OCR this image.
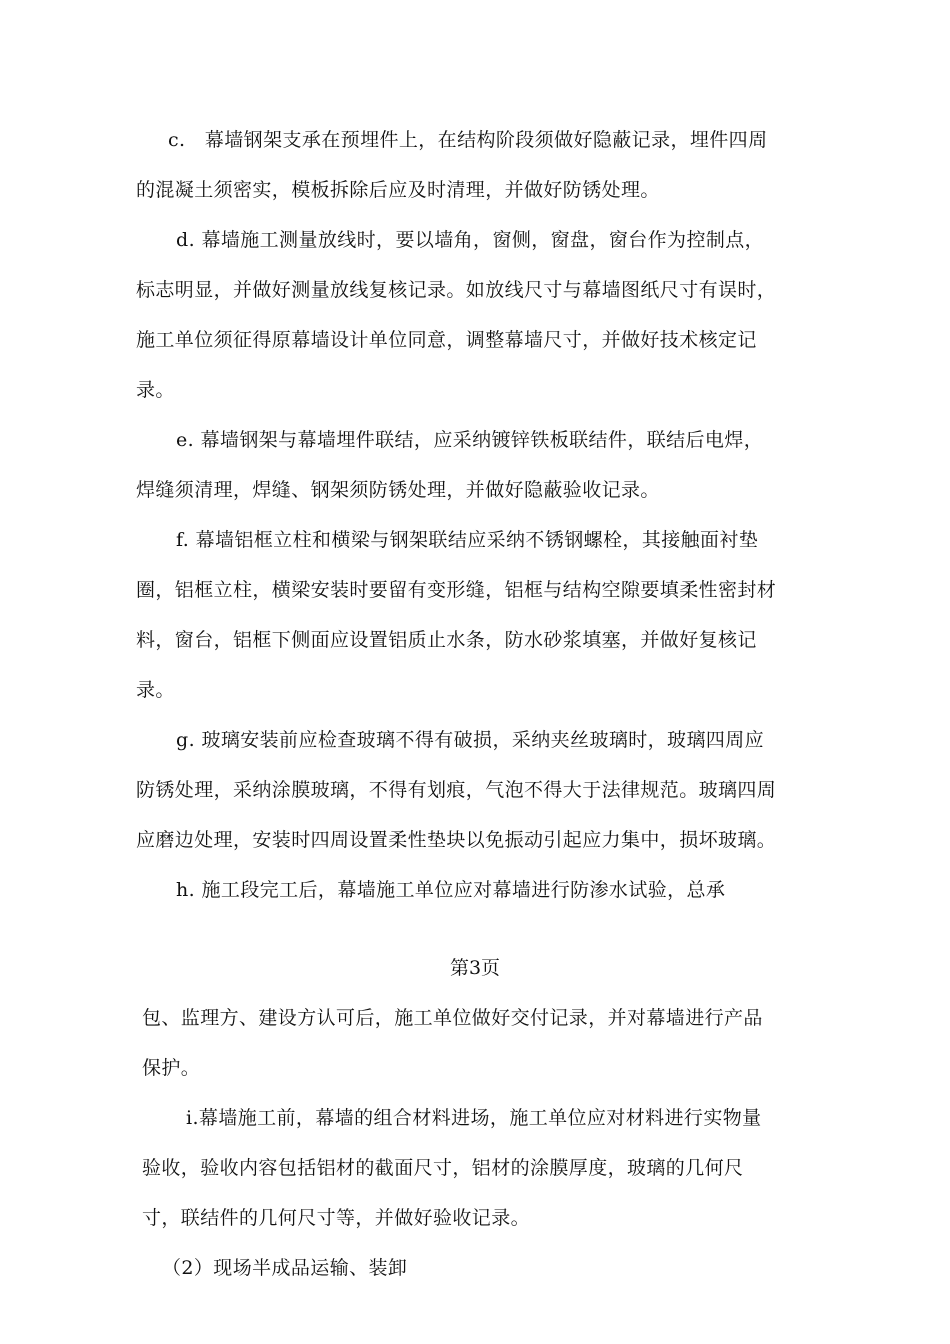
c.　幕墙钢架支承在预埋件上，在结构阶段须做好隐蔽记录，埋件四周
的混凝土须密实，模板拆除后应及时清理，并做好防锈处理。
d. 幕墙施工测量放线时，要以墙角，窗侧，窗盘，窗台作为控制点，
标志明显，并做好测量放线复核记录。如放线尺寸与幕墙图纸尺寸有误时，
施工单位须征得原幕墙设计单位同意，调整幕墙尺寸，并做好技术核定记
录。
e. 幕墙钢架与幕墙埋件联结，应采纳镀锌铁板联结件，联结后电焊，
焊缝须清理，焊缝、钢架须防锈处理，并做好隐蔽验收记录。
f. 幕墙铝框立柱和横梁与钢架联结应采纳不锈钢螺栓，其接触面衬垫
圈，铝框立柱，横梁安装时要留有变形缝，铝框与结构空隙要填柔性密封材
料，窗台，铝框下侧面应设置铝质止水条，防水砂浆填塞，并做好复核记
录。
g. 玻璃安装前应检查玻璃不得有破损，采纳夹丝玻璃时，玻璃四周应
防锈处理，采纳涂膜玻璃，不得有划痕，气泡不得大于法律规范。玻璃四周
应磨边处理，安装时四周设置柔性垫块以免振动引起应力集中，损坏玻璃。
h. 施工段完工后，幕墙施工单位应对幕墙进行防渗水试验，总承
第3页
包、监理方、建设方认可后，施工单位做好交付记录，并对幕墙进行产品
保护。
i.幕墙施工前，幕墙的组合材料进场，施工单位应对材料进行实物量
验收，验收内容包括铝材的截面尺寸，铝材的涂膜厚度，玻璃的几何尺
寸，联结件的几何尺寸等，并做好验收记录。
（2）现场半成品运输、装卸
